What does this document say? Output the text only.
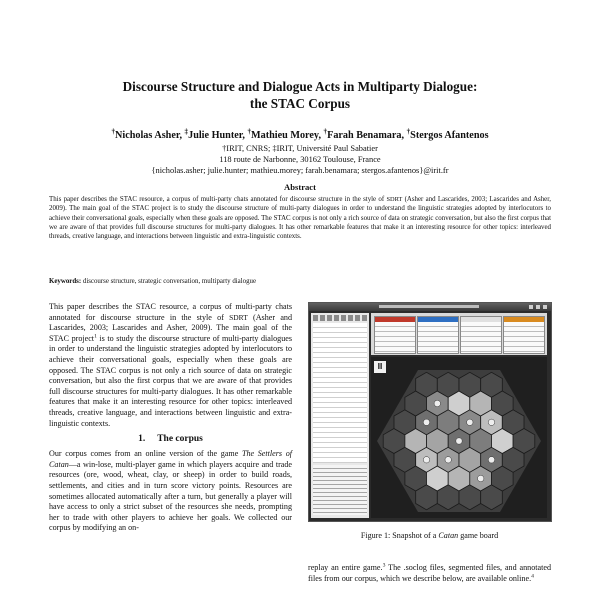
Discourse Structure and Dialogue Acts in Multiparty Dialogue:
the STAC Corpus
†Nicholas Asher, ‡Julie Hunter, †Mathieu Morey, †Farah Benamara, †Stergos Afantenos
†IRIT, CNRS; ‡IRIT, Université Paul Sabatier
118 route de Narbonne, 30162 Toulouse, France
{nicholas.asher; julie.hunter; mathieu.morey; farah.benamara; stergos.afantenos}@irit.fr
Abstract
This paper describes the STAC resource, a corpus of multi-party chats annotated for discourse structure in the style of SDRT (Asher and Lascarides, 2003; Lascarides and Asher, 2009). The main goal of the STAC project is to study the discourse structure of multi-party dialogues in order to understand the linguistic strategies adopted by interlocutors to achieve their conversational goals, especially when these goals are opposed. The STAC corpus is not only a rich source of data on strategic conversation, but also the first corpus that we are aware of that provides full discourse structures for multi-party dialogues. It has other remarkable features that make it an interesting resource for other topics: interleaved threads, creative language, and interactions between linguistic and extra-linguistic contexts.
Keywords: discourse structure, strategic conversation, multiparty dialogue

This paper describes the STAC resource, a corpus of multi-party chats annotated for discourse structure in the style of SDRT (Asher and Lascarides, 2003; Lascarides and Asher, 2009). The main goal of the STAC project$^1$ is to study the discourse structure of multi-party dialogues in order to understand the linguistic strategies adopted by interlocutors to achieve their conversational goals, especially when these goals are opposed. The STAC corpus is not only a rich source of data on strategic conversation, but also the first corpus that we are aware of that provides full discourse structures for multi-party dialogues. It has other remarkable features that make it an interesting resource for other topics: interleaved threads, creative language, and interactions between linguistic and extra-linguistic contexts.

1. The corpus

Our corpus comes from an online version of the game The Settlers of Catan—a win-lose, multi-player game in which players acquire and trade resources (ore, wood, wheat, clay, or sheep) in order to build roads, settlements, and cities and in turn score victory points. Resources are sometimes allocated automatically after a turn, but generally a player will have access to only a strict subset of the resources she needs, prompting her to trade with other players to achieve her goals. We collected our corpus by modifying an on-

II
Figure 1: Snapshot of a Catan game board

replay an entire game.$^3$ The .soclog files, segmented files, and annotated files from our corpus, which we describe below, are available online.$^4$
